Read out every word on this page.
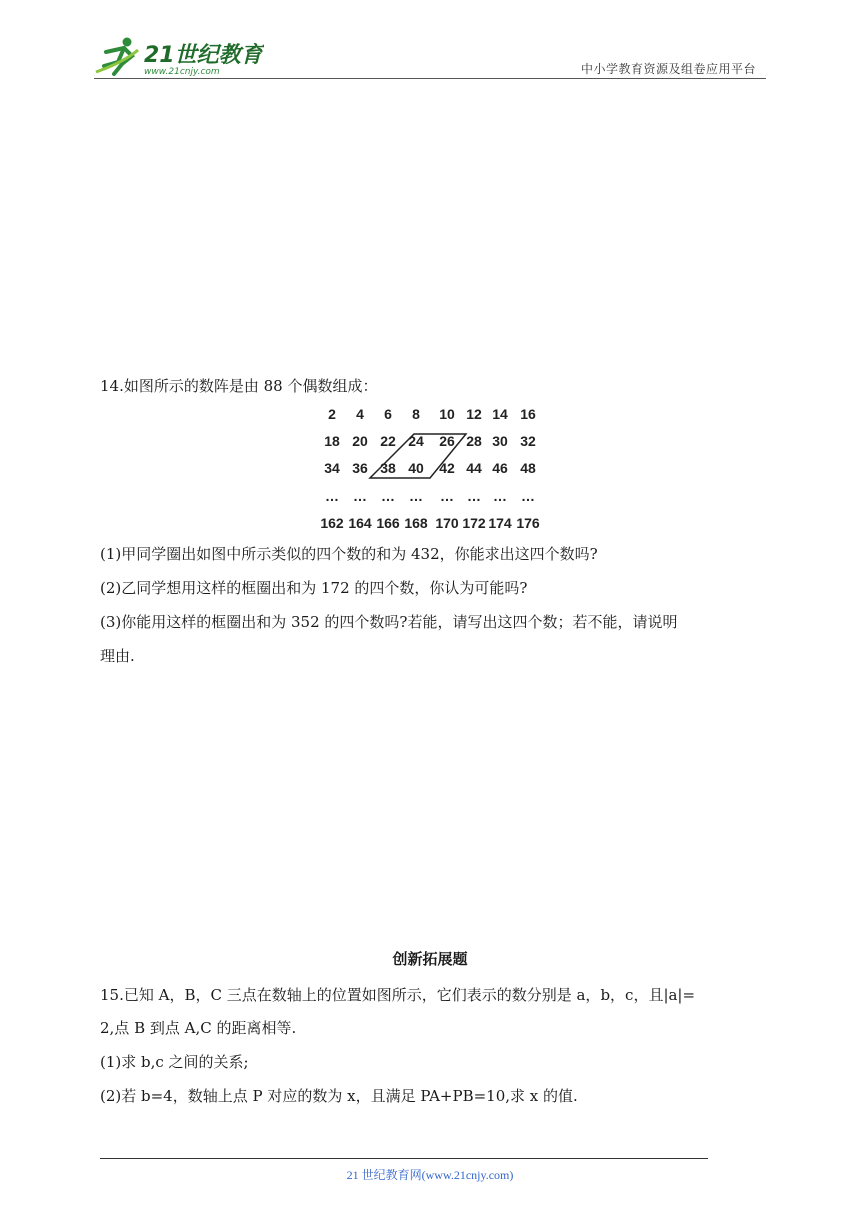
21世纪教育
www.21cnjy.com	中小学教育资源及组卷应用平台
14.如图所示的数阵是由 88 个偶数组成：
2 4 6 8 10 12 14 16
18 20 22 24 26 28 30 32
34 36 38 40 42 44 46 48
… … … … … … … …
162 164 166 168 170 172 174 176
(1)甲同学圈出如图中所示类似的四个数的和为 432，你能求出这四个数吗?
(2)乙同学想用这样的框圈出和为 172 的四个数，你认为可能吗?
(3)你能用这样的框圈出和为 352 的四个数吗?若能，请写出这四个数；若不能，请说明
理由.
创新拓展题
15.已知 A，B，C 三点在数轴上的位置如图所示，它们表示的数分别是 a，b，c，且|a|=
2,点 B 到点 A,C 的距离相等.
(1)求 b,c 之间的关系;
(2)若 b=4，数轴上点 P 对应的数为 x，且满足 PA+PB=10,求 x 的值.
21 世纪教育网(www.21cnjy.com)
